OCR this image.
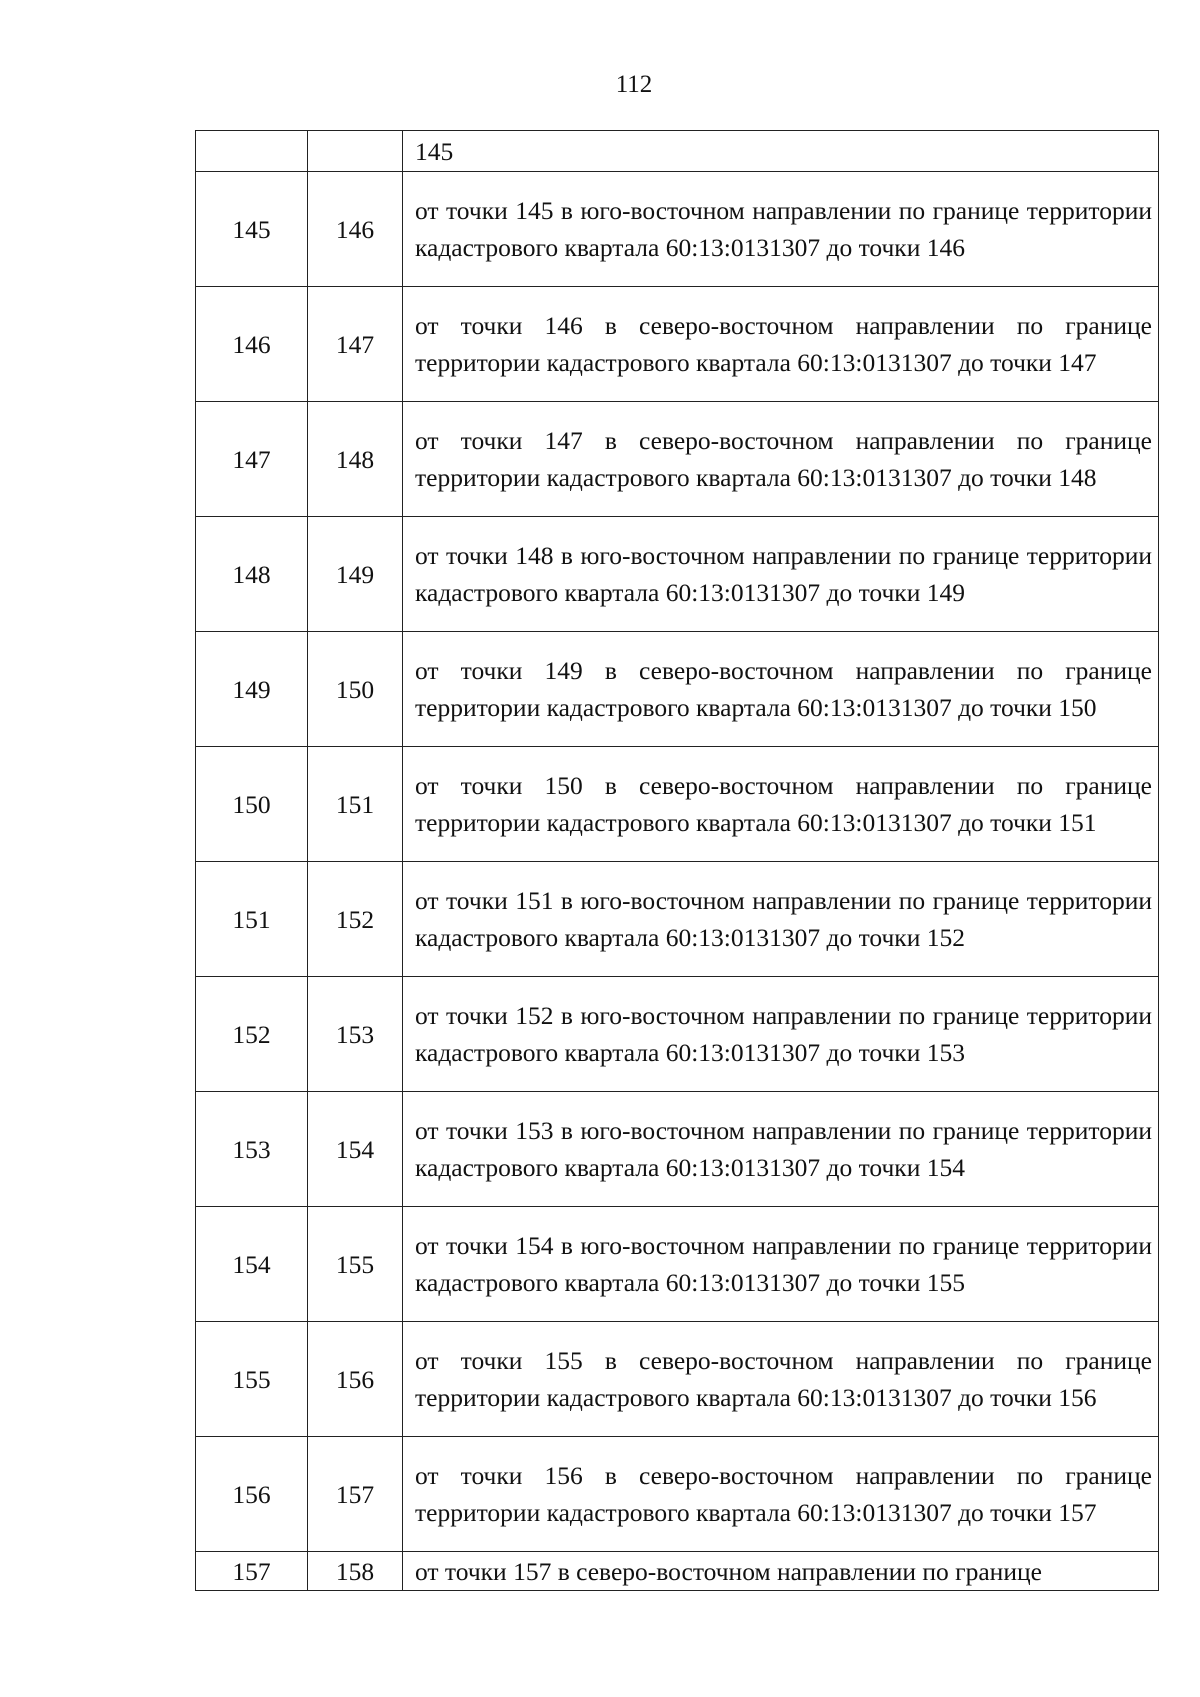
112
		145
145	146	от точки 145 в юго-восточном направлении по границе территории кадастрового квартала 60:13:0131307 до точки 146
146	147	от точки 146 в северо-восточном направлении по границе территории кадастрового квартала 60:13:0131307 до точки 147
147	148	от точки 147 в северо-восточном направлении по границе территории кадастрового квартала 60:13:0131307 до точки 148
148	149	от точки 148 в юго-восточном направлении по границе территории кадастрового квартала 60:13:0131307 до точки 149
149	150	от точки 149 в северо-восточном направлении по границе территории кадастрового квартала 60:13:0131307 до точки 150
150	151	от точки 150 в северо-восточном направлении по границе территории кадастрового квартала 60:13:0131307 до точки 151
151	152	от точки 151 в юго-восточном направлении по границе территории кадастрового квартала 60:13:0131307 до точки 152
152	153	от точки 152 в юго-восточном направлении по границе территории кадастрового квартала 60:13:0131307 до точки 153
153	154	от точки 153 в юго-восточном направлении по границе территории кадастрового квартала 60:13:0131307 до точки 154
154	155	от точки 154 в юго-восточном направлении по границе территории кадастрового квартала 60:13:0131307 до точки 155
155	156	от точки 155 в северо-восточном направлении по границе территории кадастрового квартала 60:13:0131307 до точки 156
156	157	от точки 156 в северо-восточном направлении по границе территории кадастрового квартала 60:13:0131307 до точки 157
157	158	от точки 157 в северо-восточном направлении по границе
